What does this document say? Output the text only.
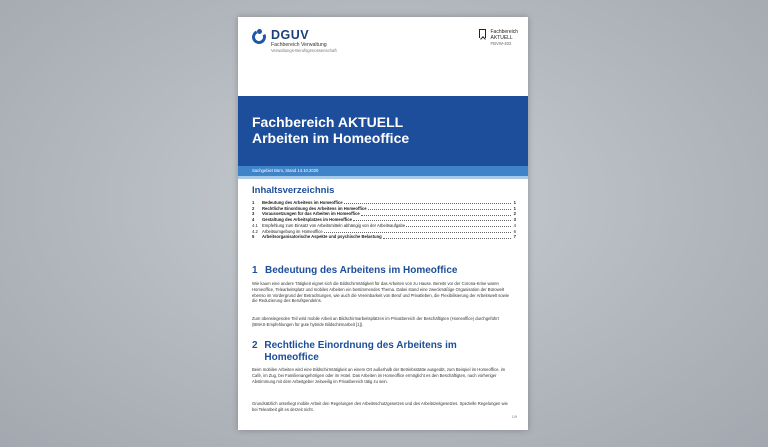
DGUV
Fachbereich Verwaltung
Verwaltungs-Berufsgenossenschaft
Fachbereich
AKTUELL
FBVW-402
Fachbereich AKTUELL
Arbeiten im Homeoffice
Sachgebiet Büro, Stand 14.10.2020
Inhaltsverzeichnis
1	Bedeutung des Arbeitens im Homeoffice	1
2	Rechtliche Einordnung des Arbeitens im Homeoffice	1
3	Voraussetzungen für das Arbeiten im Homeoffice	2
4	Gestaltung des Arbeitsplatzes im Homeoffice	3
4.1 Empfehlung zum Einsatz von Arbeitsmitteln abhängig von der Arbeitsaufgabe	4
4.2 Arbeitsumgebung im Homeoffice	6
5	Arbeitsorganisatorische Aspekte und psychische Belastung	7
1 Bedeutung des Arbeitens im Homeoffice

Wie kaum eine andere Tätigkeit eignet sich die Bildschirmtätigkeit für das Arbeiten von zu Hause. Bereits vor der Corona-Krise waren Homeoffice, Telearbeitsplatz und mobiles Arbeiten ein bestimmendes Thema. Dabei stand eine zweckmäßige Organisation der Bürowelt ebenso im Vordergrund der Betrachtungen, wie auch die Vereinbarkeit von Beruf und Privatleben, die Flexibilisierung der Arbeitswelt sowie die Reduzierung des Berufspendelns.

Zum überwiegenden Teil wird mobile Arbeit an Bildschirmarbeitsplätzen im Privatbereich der Beschäftigten (Homeoffice) durchgeführt (BMAS-Empfehlungen für gute hybride Bildschirmarbeit [1]).

2 Rechtliche Einordnung des Arbeitens im Homeoffice

Beim mobilen Arbeiten wird eine Bildschirmtätigkeit an einem Ort außerhalb der Betriebsstätte ausgeübt, zum Beispiel im Homeoffice, im Café, im Zug, bei Familienangehörigen oder im Hotel. Das Arbeiten im Homeoffice ermöglicht es den Beschäftigten, nach vorheriger Abstimmung mit dem Arbeitgeber zeitweilig im Privatbereich tätig zu sein.

Grundsätzlich unterliegt mobile Arbeit den Regelungen des Arbeitsschutzgesetzes und des Arbeitszeitgesetzes. Spezielle Regelungen wie bei Telearbeit gilt es derzeit nicht.

1/9
